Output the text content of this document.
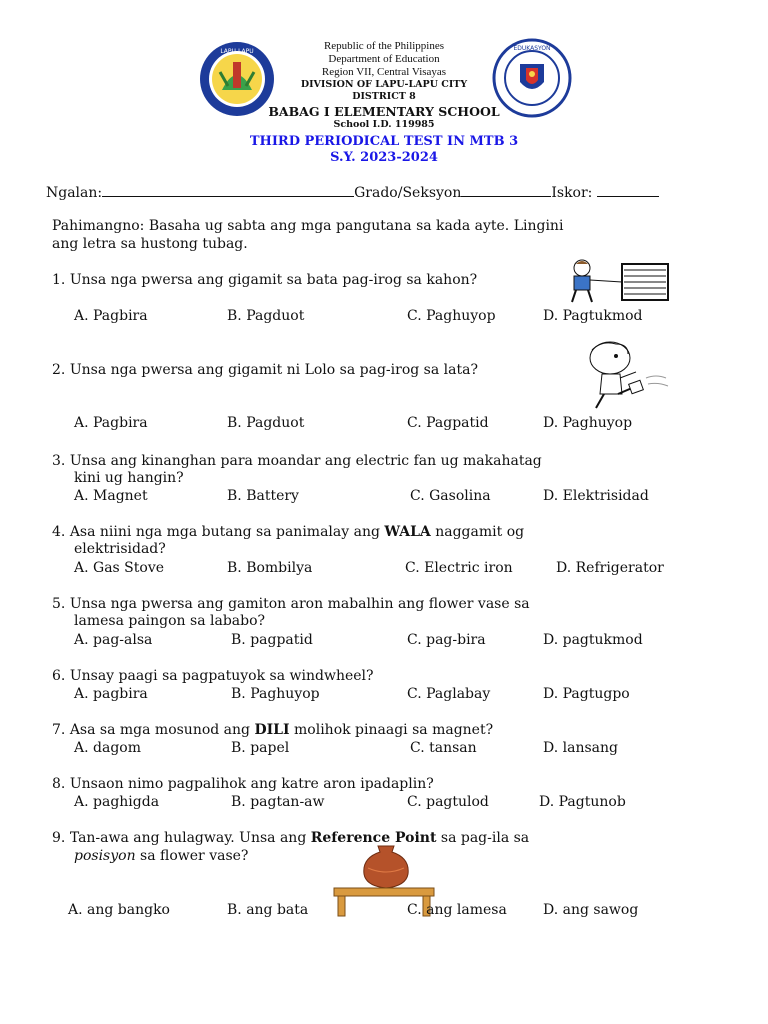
LAPU-LAPU	EDUKASYON
Republic of the Philippines
Department of Education
Region VII, Central Visayas
DIVISION OF LAPU-LAPU CITY
DISTRICT 8
BABAG I ELEMENTARY SCHOOL
School I.D. 119985
THIRD PERIODICAL TEST IN MTB 3
S.Y. 2023-2024
Ngalan:	Grado/Seksyon	Iskor:
Pahimangno: Basaha ug sabta ang mga pangutana sa kada ayte. Lingini
ang letra sa hustong tubag.
1. Unsa nga pwersa ang gigamit sa bata pag-irog sa kahon?
A. Pagbira	B. Pagduot	C. Paghuyop	D. Pagtukmod
2. Unsa nga pwersa ang gigamit ni Lolo sa pag-irog sa lata?
A. Pagbira	B. Pagduot	C. Pagpatid	D. Paghuyop
3. Unsa ang kinanghan para moandar ang electric fan ug makahatag
kini ug hangin?
A. Magnet	B. Battery	C. Gasolina	D. Elektrisidad
4. Asa niini nga mga butang sa panimalay ang WALA naggamit og
elektrisidad?
A. Gas Stove	B. Bombilya	C. Electric iron	D. Refrigerator
5. Unsa nga pwersa ang gamiton aron mabalhin ang flower vase sa
lamesa paingon sa lababo?
A. pag-alsa	B. pagpatid	C. pag-bira	D. pagtukmod
6. Unsay paagi sa pagpatuyok sa windwheel?
A. pagbira	B. Paghuyop	C. Paglabay	D. Pagtugpo
7. Asa sa mga mosunod ang DILI molihok pinaagi sa magnet?
A. dagom	B. papel	C. tansan	D. lansang
8. Unsaon nimo pagpalihok ang katre aron ipadaplin?
A. paghigda	B. pagtan-aw	C. pagtulod	D. Pagtunob
9. Tan-awa ang hulagway. Unsa ang Reference Point sa pag-ila sa
posisyon sa flower vase?
A. ang bangko	B. ang bata	C. ang lamesa	D. ang sawog
